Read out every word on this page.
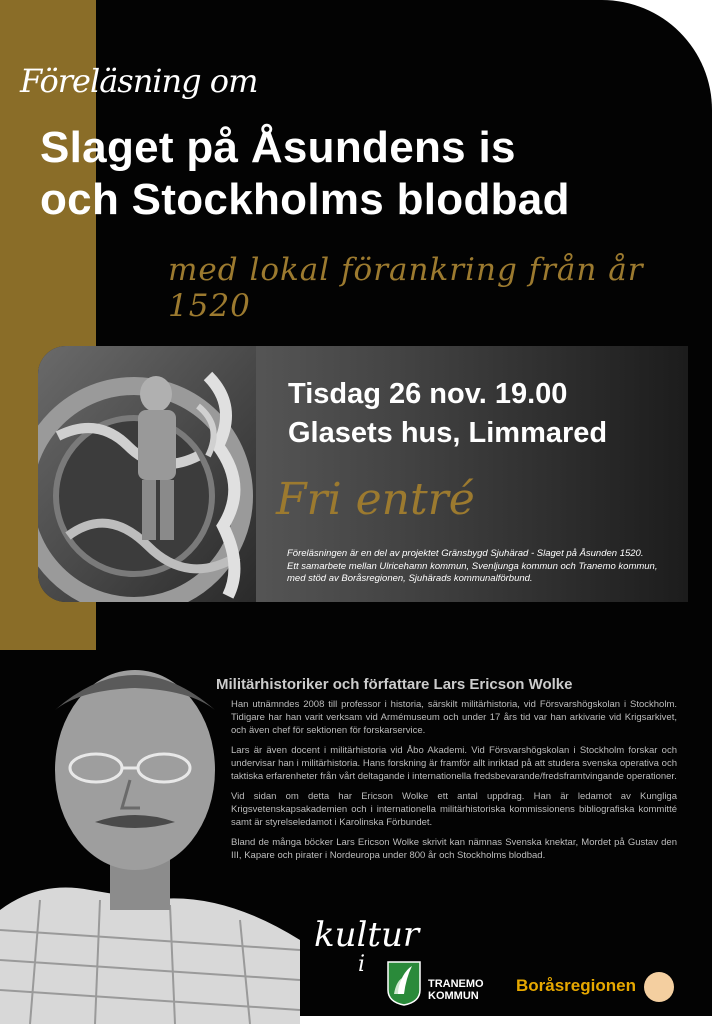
Föreläsning om
Slaget på Åsundens is
och Stockholms blodbad
med lokal förankring från år 1520
Tisdag 26 nov. 19.00
Glasets hus, Limmared
Fri entré
Föreläsningen är en del av projektet Gränsbygd Sjuhärad - Slaget på Åsunden 1520.
Ett samarbete mellan Ulricehamn kommun, Svenljunga kommun och Tranemo kommun,
med stöd av Boråsregionen, Sjuhärads kommunalförbund.
Militärhistoriker och författare Lars Ericson Wolke

Han utnämndes 2008 till professor i historia, särskilt militärhistoria, vid Försvarshögskolan i Stockholm. Tidigare har han varit verksam vid Armémuseum och under 17 års tid var han arkivarie vid Krigsarkivet, och även chef för sektionen för forskarservice.

Lars är även docent i militärhistoria vid Åbo Akademi. Vid Försvarshögskolan i Stockholm forskar och undervisar han i militärhistoria. Hans forskning är framför allt inriktad på att studera svenska operativa och taktiska erfarenheter från vårt deltagande i internationella fredsbevarande/fredsframtvingande operationer.

Vid sidan om detta har Ericson Wolke ett antal uppdrag. Han är ledamot av Kungliga Krigsvetenskapsakademien och i internationella militärhistoriska kommissionens bibliografiska kommitté samt är styrelseledamot i Karolinska Förbundet.

Bland de många böcker Lars Ericson Wolke skrivit kan nämnas Svenska knektar, Mordet på Gustav den III, Kapare och pirater i Nordeuropa under 800 år och Stockholms blodbad.

kultur
i
TRANEMO
KOMMUN
Boråsregionen
